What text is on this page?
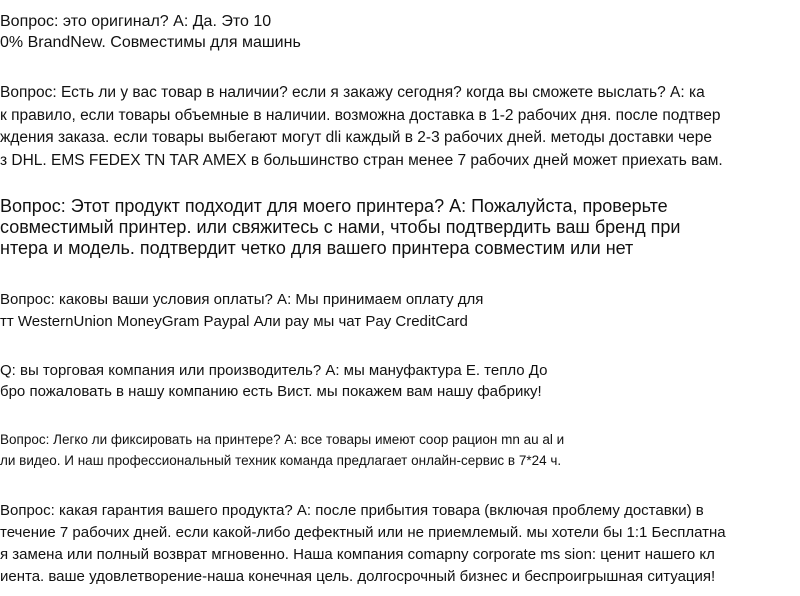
Вопрос: это оригинал? A: Да. Это 10
0% BrandNew. Совместимы для машинь

Вопрос: Есть ли у вас товар в наличии? если я закажу сегодня? когда вы сможете выслать? А: ка
к правило, если товары объемные в наличии. возможна доставка в 1-2 рабочих дня. после подтвер
ждения заказа. если товары выбегают могут dli каждый в 2-3 рабочих дней. методы доставки чере
з DHL. EMS FEDEX TN TAR AMEX в большинство стран менее 7 рабочих дней может приехать вам.

Вопрос: Этот продукт подходит для моего принтера? А: Пожалуйста, проверьте
совместимый принтер. или свяжитесь с нами, чтобы подтвердить ваш бренд при
нтера и модель. подтвердит четко для вашего принтера совместим или нет

Вопрос: каковы ваши условия оплаты? A: Мы принимаем оплату для
тт WesternUnion MoneyGram Paypal Али pay мы чат Pay CreditCard

Q: вы торговая компания или производитель? А: мы мануфактура Е. тепло До
бро пожаловать в нашу компанию есть Вист. мы покажем вам нашу фабрику!

Вопрос: Легко ли фиксировать на принтере? А: все товары имеют coop рацион mn au al и
ли видео. И наш профессиональный техник команда предлагает онлайн-сервис в 7*24 ч.

Вопрос: какая гарантия вашего продукта? A: после прибытия товара (включая проблему доставки) в
течение 7 рабочих дней. если какой-либо дефектный или не приемлемый. мы хотели бы 1:1 Бесплатна
я замена или полный возврат мгновенно. Наша компания comapny corporate ms sion: ценит нашего кл
иента. ваше удовлетворение-наша конечная цель. долгосрочный бизнес и беспроигрышная ситуация!
